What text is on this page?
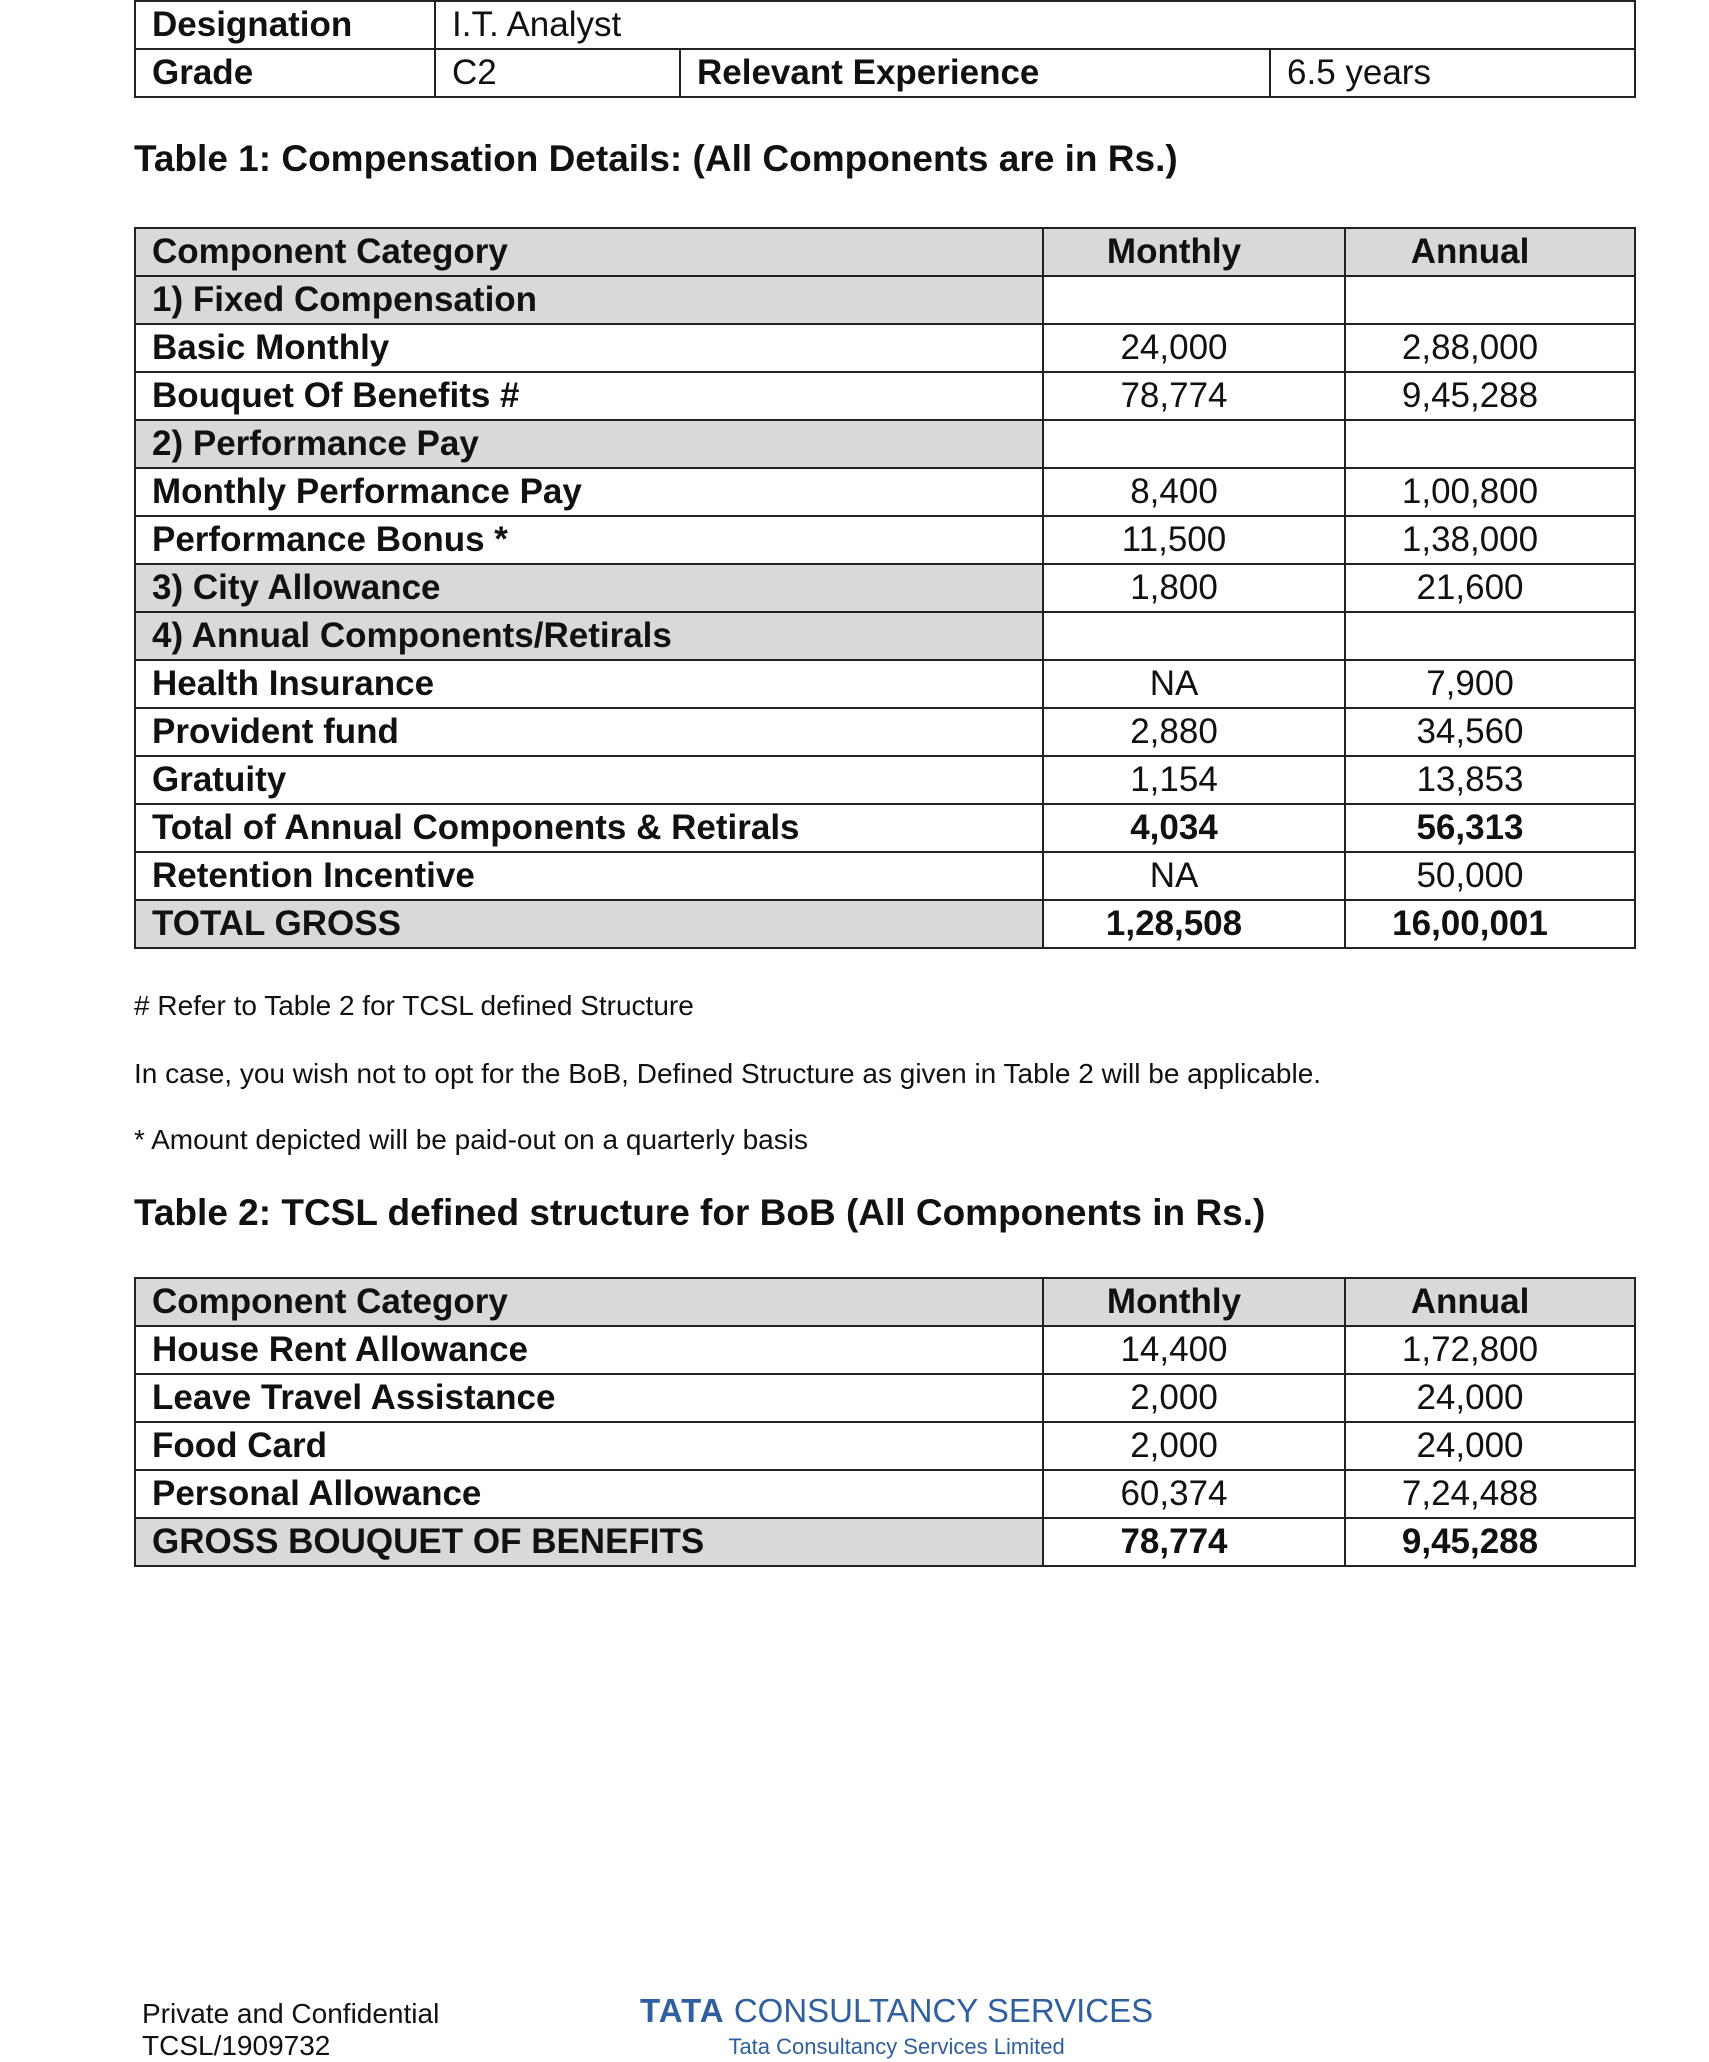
Designation	I.T. Analyst		
Grade	C2	Relevant Experience	6.5 years
Table 1: Compensation Details: (All Components are in Rs.)
Component Category	Monthly	Annual
1) Fixed Compensation		
Basic Monthly	24,000	2,88,000
Bouquet Of Benefits #	78,774	9,45,288
2) Performance Pay		
Monthly Performance Pay	8,400	1,00,800
Performance Bonus *	11,500	1,38,000
3) City Allowance	1,800	21,600
4) Annual Components/Retirals		
Health Insurance	NA	7,900
Provident fund	2,880	34,560
Gratuity	1,154	13,853
Total of Annual Components & Retirals	4,034	56,313
Retention Incentive	NA	50,000
TOTAL GROSS	1,28,508	16,00,001
# Refer to Table 2 for TCSL defined Structure
In case, you wish not to opt for the BoB, Defined Structure as given in Table 2 will be applicable.
* Amount depicted will be paid-out on a quarterly basis
Table 2: TCSL defined structure for BoB (All Components in Rs.)
Component Category	Monthly	Annual
House Rent Allowance	14,400	1,72,800
Leave Travel Assistance	2,000	24,000
Food Card	2,000	24,000
Personal Allowance	60,374	7,24,488
GROSS BOUQUET OF BENEFITS	78,774	9,45,288
Private and Confidential
TCSL/1909732
TATA CONSULTANCY SERVICES
Tata Consultancy Services Limited
